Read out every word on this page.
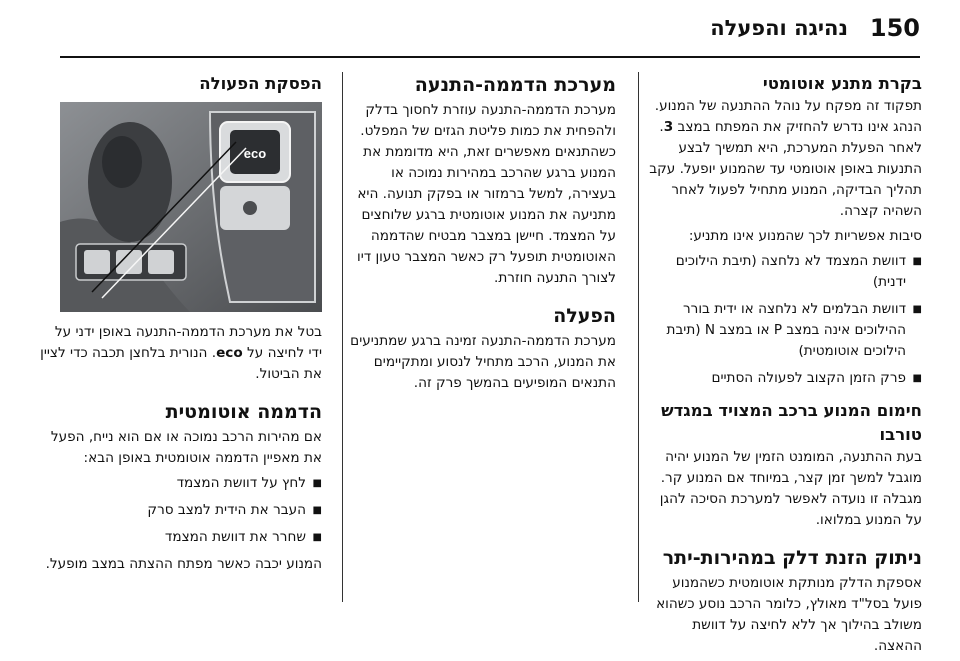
150
נהיגה והפעלה
בקרת מתנע אוטומטי

תפקוד זה מפקח על נוהל ההתנעה של המנוע. הנהג אינו נדרש להחזיק את המפתח במצב 3. לאחר הפעלת המערכת, היא תמשיך לבצע התנעות באופן אוטומטי עד שהמנוע יופעל. עקב תהליך הבדיקה, המנוע מתחיל לפעול לאחר השהיה קצרה.

סיבות אפשריות לכך שהמנוע אינו מתניע:

■
דוושת המצמד לא נלחצה (תיבת הילוכים ידנית)
■
דוושת הבלמים לא נלחצה או ידית בורר ההילוכים אינה במצב P או במצב N (תיבת הילוכים אוטומטית)
■
פרק הזמן הקצוב לפעולה הסתיים
חימום המנוע ברכב המצויד במגדש טורבו

בעת ההתנעה, המומנט הזמין של המנוע יהיה מוגבל למשך זמן קצר, במיוחד אם המנוע קר. מגבלה זו נועדה לאפשר למערכת הסיכה להגן על המנוע במלואו.

ניתוק הזנת דלק במהירות-יתר

אספקת הדלק מנותקת אוטומטית כשהמנוע פועל בסל"ד מאולץ, כלומר הרכב נוסע כשהוא משולב בהילוך אך ללא לחיצה על דוושת ההאצה.

מערכת הדממה-התנעה

מערכת הדממה-התנעה עוזרת לחסוך בדלק ולהפחית את כמות פליטת הגזים של המפלט. כשהתנאים מאפשרים זאת, היא מדוממת את המנוע ברגע שהרכב במהירות נמוכה או בעצירה, למשל ברמזור או בפקק תנועה. היא מתניעה את המנוע אוטומטית ברגע שלוחצים על המצמד. חיישן במצבר מבטיח שהדממה האוטומטית תופעל רק כאשר המצבר טעון דיו לצורך התנעה חוזרת.

הפעלה

מערכת הדממה-התנעה זמינה ברגע שמתניעים את המנוע, הרכב מתחיל לנסוע ומתקיימים התנאים המופיעים בהמשך פרק זה.

הפסקת הפעולה
eco

בטל את מערכת הדממה-התנעה באופן ידני על ידי לחיצה על eco. הנורית בלחצן תכבה כדי לציין את הביטול.

הדממה אוטומטית

אם מהירות הרכב נמוכה או אם הוא נייח, הפעל את מאפיין הדממה אוטומטית באופן הבא:

■
לחץ על דוושת המצמד
■
העבר את הידית למצב סרק
■
שחרר את דוושת המצמד

המנוע יכבה כאשר מפתח ההצתה במצב מופעל.
